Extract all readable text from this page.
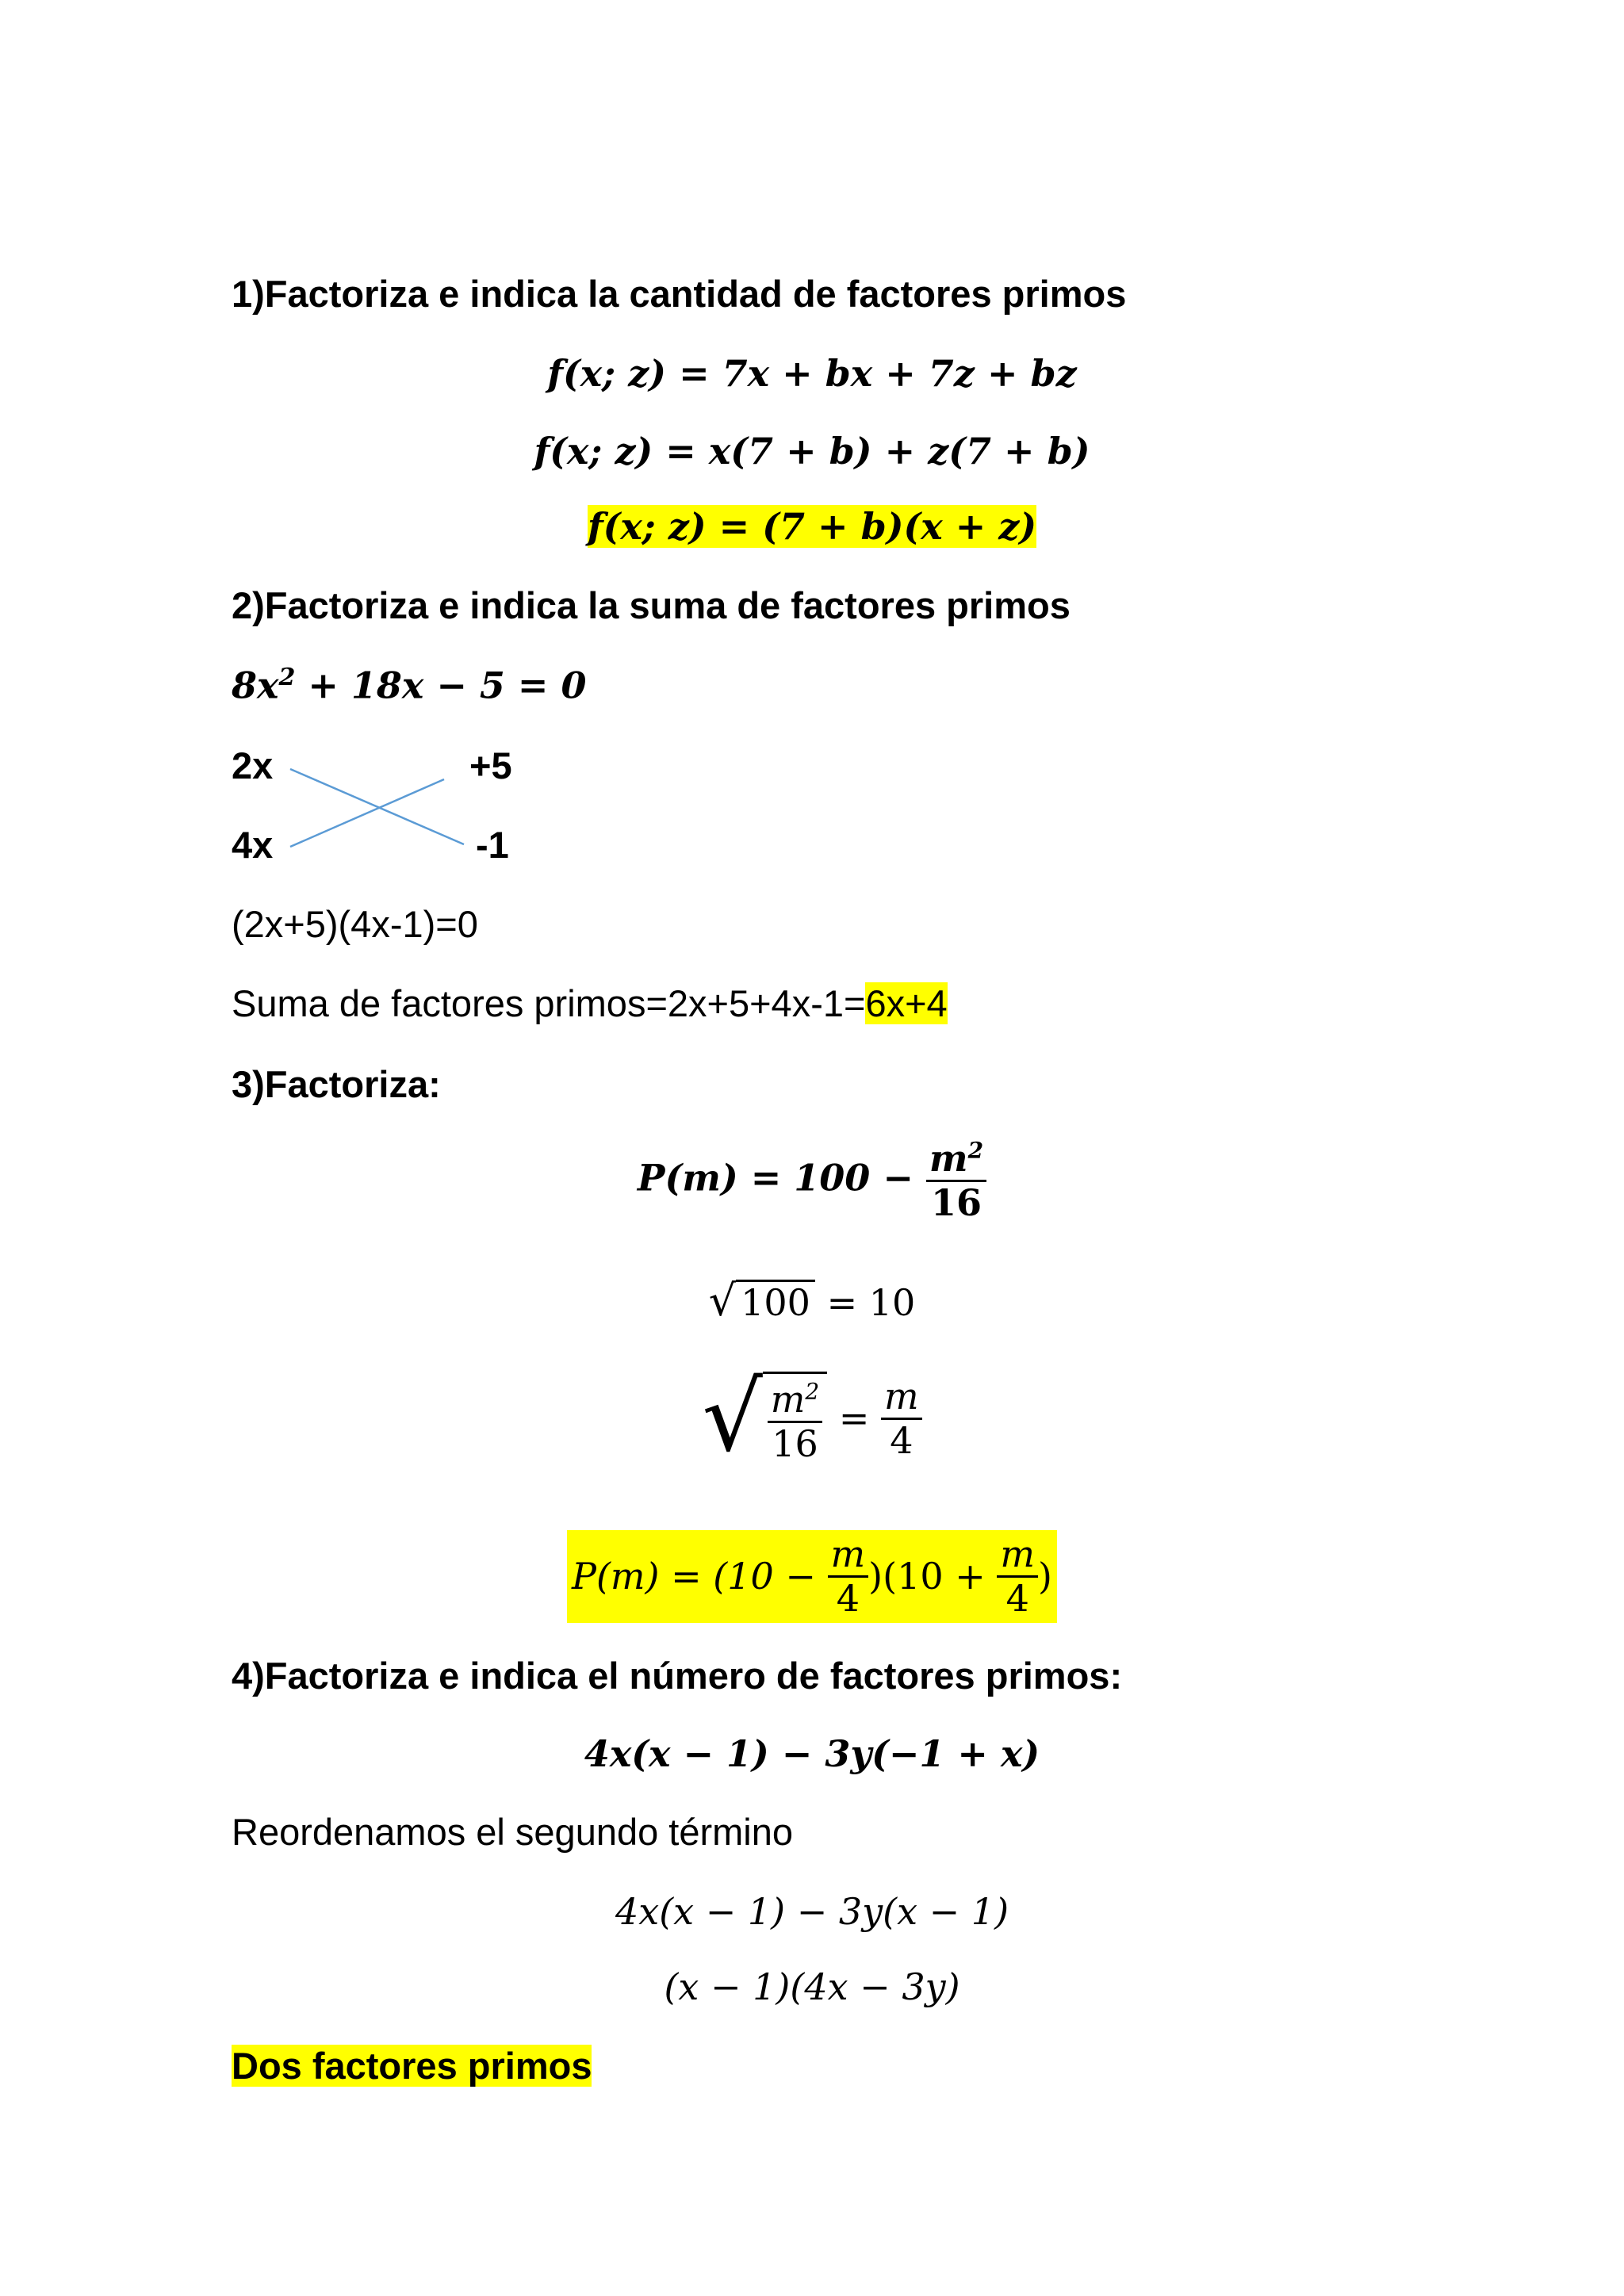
1)Factoriza e indica la cantidad de factores primos
f(x; z) = 7x + bx + 7z + bz
f(x; z) = x(7 + b) + z(7 + b)
f(x; z) = (7 + b)(x + z)
2)Factoriza e indica la suma de factores primos
$8x^2 + 18x - 5 = 0$
2x	+5
4x	-1
(2x+5)(4x-1)=0
Suma de factores primos=2x+5+4x-1=6x+4
3)Factoriza:
$P(m) = 100 - \frac{m^2}{16}$
√ 100 = 10
√ $\frac{m^2}{16} = \frac{m}{4}$
$P(m) = (10 - \frac{m}{4} )(10 + \frac{m}{4}$ )
4)Factoriza e indica el número de factores primos:
4x(x − 1) − 3y(−1 + x)
Reordenamos el segundo término
4x(x − 1) − 3y(x − 1)
(x − 1)(4x − 3y)
Dos factores primos
